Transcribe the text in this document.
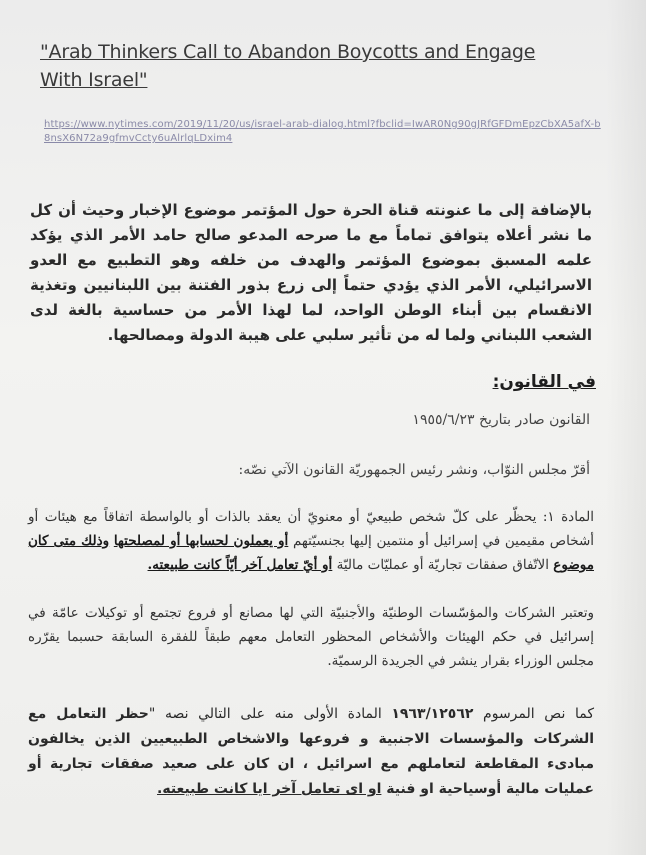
"Arab Thinkers Call to Abandon Boycotts and Engage With Israel"
https://www.nytimes.com/2019/11/20/us/israel-arab-dialog.html?fbclid=IwAR0Ng90gJRfGFDmEpzCbXA5afX-b8nsX6N72a9gfmvCcty6uAlrlqLDxim4
بالإضافة إلى ما عنونته قناة الحرة حول المؤتمر موضوع الإخبار وحيث أن كل ما نشر أعلاه يتوافق تماماً مع ما صرحه المدعو صالح حامد الأمر الذي يؤكد علمه المسبق بموضوع المؤتمر والهدف من خلفه وهو التطبيع مع العدو الاسرائيلي، الأمر الذي يؤدي حتماً إلى زرع بذور الفتنة بين اللبنانيين وتغذية الانقسام بين أبناء الوطن الواحد، لما لهذا الأمر من حساسية بالغة لدى الشعب اللبناني ولما له من تأثير سلبي على هيبة الدولة ومصالحها.
في القانون:
القانون صادر بتاريخ ١٩٥٥/٦/٢٣
أقرّ مجلس النوّاب، ونشر رئيس الجمهوريّة القانون الآتي نصّه:
المادة ١: يحظّر على كلّ شخص طبيعيّ أو معنويّ أن يعقد بالذات أو بالواسطة اتفاقاً مع هيئات أو أشخاص مقيمين في إسرائيل أو منتمين إليها بجنسيّتهم أو يعملون لحسابها أو لمصلحتها وذلك متى كان موضوع الاتّفاق صفقات تجاريّة أو عمليّات ماليّة أو أيّ تعامل آخر أيّاً كانت طبيعته.
وتعتبر الشركات والمؤسّسات الوطنيّة والأجنبيّة التي لها مصانع أو فروع تجتمع أو توكيلات عامّة في إسرائيل في حكم الهيئات والأشخاص المحظور التعامل معهم طبقاً للفقرة السابقة حسبما يقرّره مجلس الوزراء بقرار ينشر في الجريدة الرسميّة.
كما نص المرسوم ١٩٦٣/١٢٥٦٢ المادة الأولى منه على التالي نصه "حظر التعامل مع الشركات والمؤسسات الاجنبية و فروعها والاشخاص الطبيعيين الذين يخالفون مبادىء المقاطعة لتعاملهم مع اسرائيل ، ان كان على صعيد صفقات تجارية أو عمليات مالية أوسياحية او فنية او اى تعامل آخر ايا كانت طبيعته.
